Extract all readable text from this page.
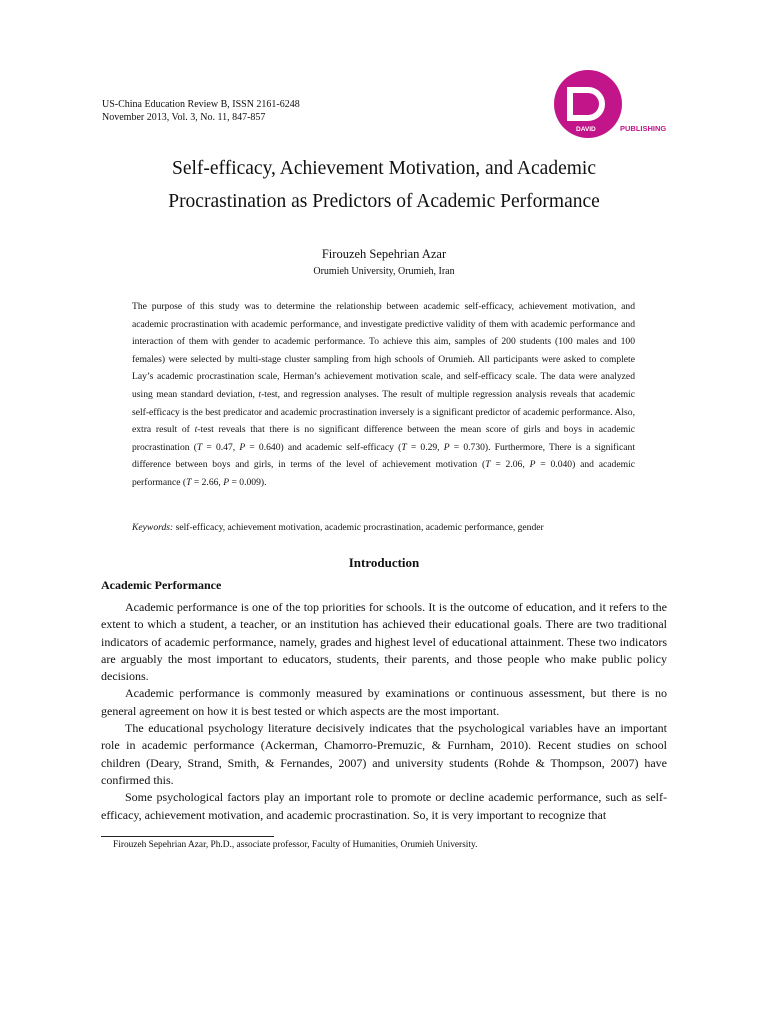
US-China Education Review B, ISSN 2161-6248
November 2013, Vol. 3, No. 11, 847-857
DAVID	PUBLISHING
Self-efficacy, Achievement Motivation, and Academic
Procrastination as Predictors of Academic Performance
Firouzeh Sepehrian Azar
Orumieh University, Orumieh, Iran

The purpose of this study was to determine the relationship between academic self-efficacy, achievement motivation, and academic procrastination with academic performance, and investigate predictive validity of them with academic performance and interaction of them with gender to academic performance. To achieve this aim, samples of 200 students (100 males and 100 females) were selected by multi-stage cluster sampling from high schools of Orumieh. All participants were asked to complete Lay’s academic procrastination scale, Herman’s achievement motivation scale, and self-efficacy scale. The data were analyzed using mean standard deviation, t-test, and regression analyses. The result of multiple regression analysis reveals that academic self-efficacy is the best predicator and academic procrastination inversely is a significant predictor of academic performance. Also, extra result of t-test reveals that there is no significant difference between the mean score of girls and boys in academic procrastination (T = 0.47, P = 0.640) and academic self-efficacy (T = 0.29, P = 0.730). Furthermore, There is a significant difference between boys and girls, in terms of the level of achievement motivation (T = 2.06, P = 0.040) and academic performance (T = 2.66, P = 0.009).

Keywords: self-efficacy, achievement motivation, academic procrastination, academic performance, gender
Introduction
Academic Performance

Academic performance is one of the top priorities for schools. It is the outcome of education, and it refers to the extent to which a student, a teacher, or an institution has achieved their educational goals. There are two traditional indicators of academic performance, namely, grades and highest level of educational attainment. These two indicators are arguably the most important to educators, students, their parents, and those people who make public policy decisions.

Academic performance is commonly measured by examinations or continuous assessment, but there is no general agreement on how it is best tested or which aspects are the most important.

The educational psychology literature decisively indicates that the psychological variables have an important role in academic performance (Ackerman, Chamorro-Premuzic, & Furnham, 2010). Recent studies on school children (Deary, Strand, Smith, & Fernandes, 2007) and university students (Rohde & Thompson, 2007) have confirmed this.

Some psychological factors play an important role to promote or decline academic performance, such as self-efficacy, achievement motivation, and academic procrastination. So, it is very important to recognize that

Firouzeh Sepehrian Azar, Ph.D., associate professor, Faculty of Humanities, Orumieh University.
